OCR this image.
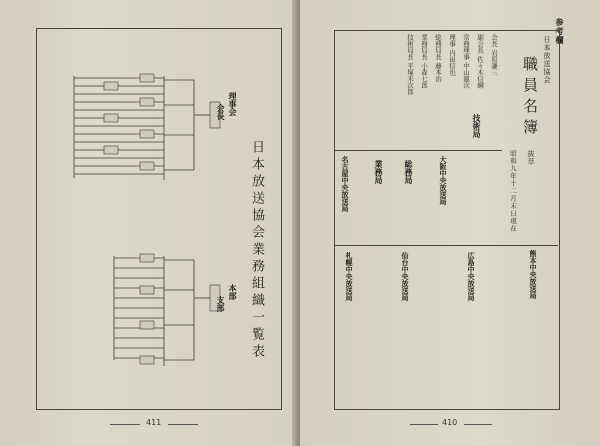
日本放送協会業務組織一覧表
理事会
会長
本部
支部
411
参考欄
日本放送協会
職員名簿
抜萃
昭和九年十二月末日現在
会長 岩原謙三
副会長 佐々木信綱
常務理事 中山龍次
理事 内田信也
総務局長 藤本治
業務局長 小森七郎
技術局長 平塚米次郎
総務局
業務局
技術局
大阪中央放送局
名古屋中央放送局
熊本中央放送局
札幌中央放送局	仙台中央放送局	広島中央放送局
410
